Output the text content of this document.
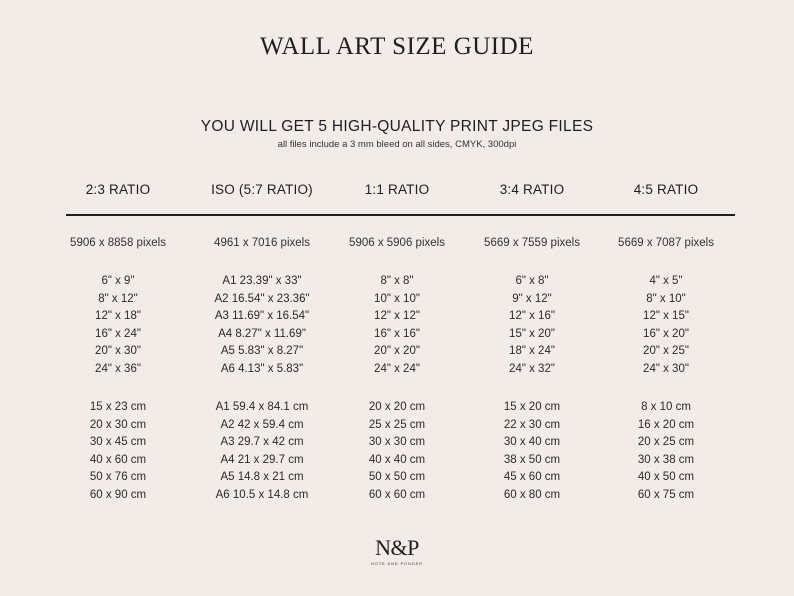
WALL ART SIZE GUIDE
YOU WILL GET 5 HIGH-QUALITY PRINT JPEG FILES
all files include a 3 mm bleed on all sides, CMYK, 300dpi
2:3 RATIO
5906 x 8858 pixels
6" x 9"
8" x 12"
12" x 18"
16" x 24"
20" x 30"
24" x 36"
15 x 23 cm
20 x 30 cm
30 x 45 cm
40 x 60 cm
50 x 76 cm
60 x 90 cm
ISO (5:7 RATIO)
4961 x 7016 pixels
A1 23.39" x 33"
A2 16.54" x 23.36"
A3 11.69" x 16.54"
A4 8.27" x 11.69"
A5 5.83" x 8.27"
A6 4.13" x 5.83"
A1 59.4 x 84.1 cm
A2 42 x 59.4 cm
A3 29.7 x 42 cm
A4 21 x 29.7 cm
A5 14.8 x 21 cm
A6 10.5 x 14.8 cm
1:1 RATIO
5906 x 5906 pixels
8" x 8"
10" x 10"
12" x 12"
16" x 16"
20" x 20"
24" x 24"
20 x 20 cm
25 x 25 cm
30 x 30 cm
40 x 40 cm
50 x 50 cm
60 x 60 cm
3:4 RATIO
5669 x 7559 pixels
6" x 8"
9" x 12"
12" x 16"
15" x 20"
18" x 24"
24" x 32"
15 x 20 cm
22 x 30 cm
30 x 40 cm
38 x 50 cm
45 x 60 cm
60 x 80 cm
4:5 RATIO
5669 x 7087 pixels
4" x 5"
8" x 10"
12" x 15"
16" x 20"
20" x 25"
24" x 30"
8 x 10 cm
16 x 20 cm
20 x 25 cm
30 x 38 cm
40 x 50 cm
60 x 75 cm
N&P
NOTE AND PONDER
